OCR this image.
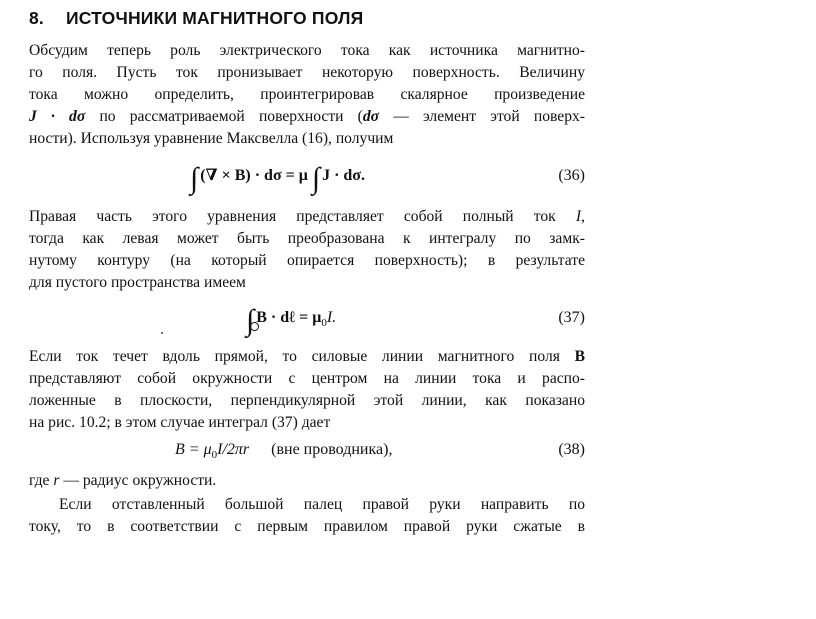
8. ИСТОЧНИКИ МАГНИТНОГО ПОЛЯ
Обсудим теперь роль электрического тока как источника магнитно-
го поля. Пусть ток пронизывает некоторую поверхность. Величину
тока можно определить, проинтегрировав скалярное произведение
J · dσ по рассматриваемой поверхности (dσ — элемент этой поверх-
ности). Используя уравнение Максвелла (16), получим
∫ (∇ × B) · dσ = μ ∫ J · dσ.	(36)
Правая часть этого уравнения представляет собой полный ток I,
тогда как левая может быть преобразована к интегралу по замк-
нутому контуру (на который опирается поверхность); в результате
для пустого пространства имеем
∫ B · dℓ = $\mu_0I$.	(37)
Если ток течет вдоль прямой, то силовые линии магнитного поля B
представляют собой окружности с центром на линии тока и распо-
ложенные в плоскости, перпендикулярной этой линии, как показано
на рис. 10.2; в этом случае интеграл (37) дает
$B = \mu_0I/2\pi r$ (вне проводника),	(38)
где r — радиус окружности.
Если отставленный большой палец правой руки направить по
току, то в соответствии с первым правилом правой руки сжатые в
